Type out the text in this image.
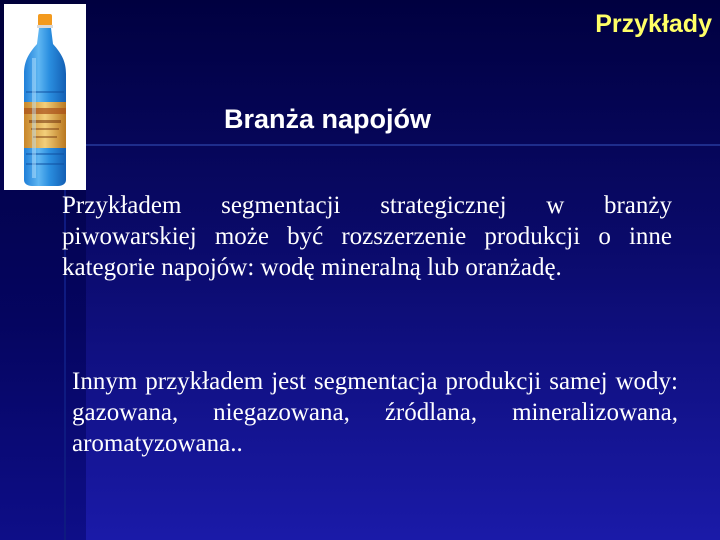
Przykłady
Branża napojów

Przykładem segmentacji strategicznej w branży piwowarskiej może być rozszerzenie produkcji o inne kategorie napojów: wodę mineralną lub oranżadę.

Innym przykładem jest segmentacja produkcji samej wody: gazowana, niegazowana, źródlana, mineralizowana, aromatyzowana..
